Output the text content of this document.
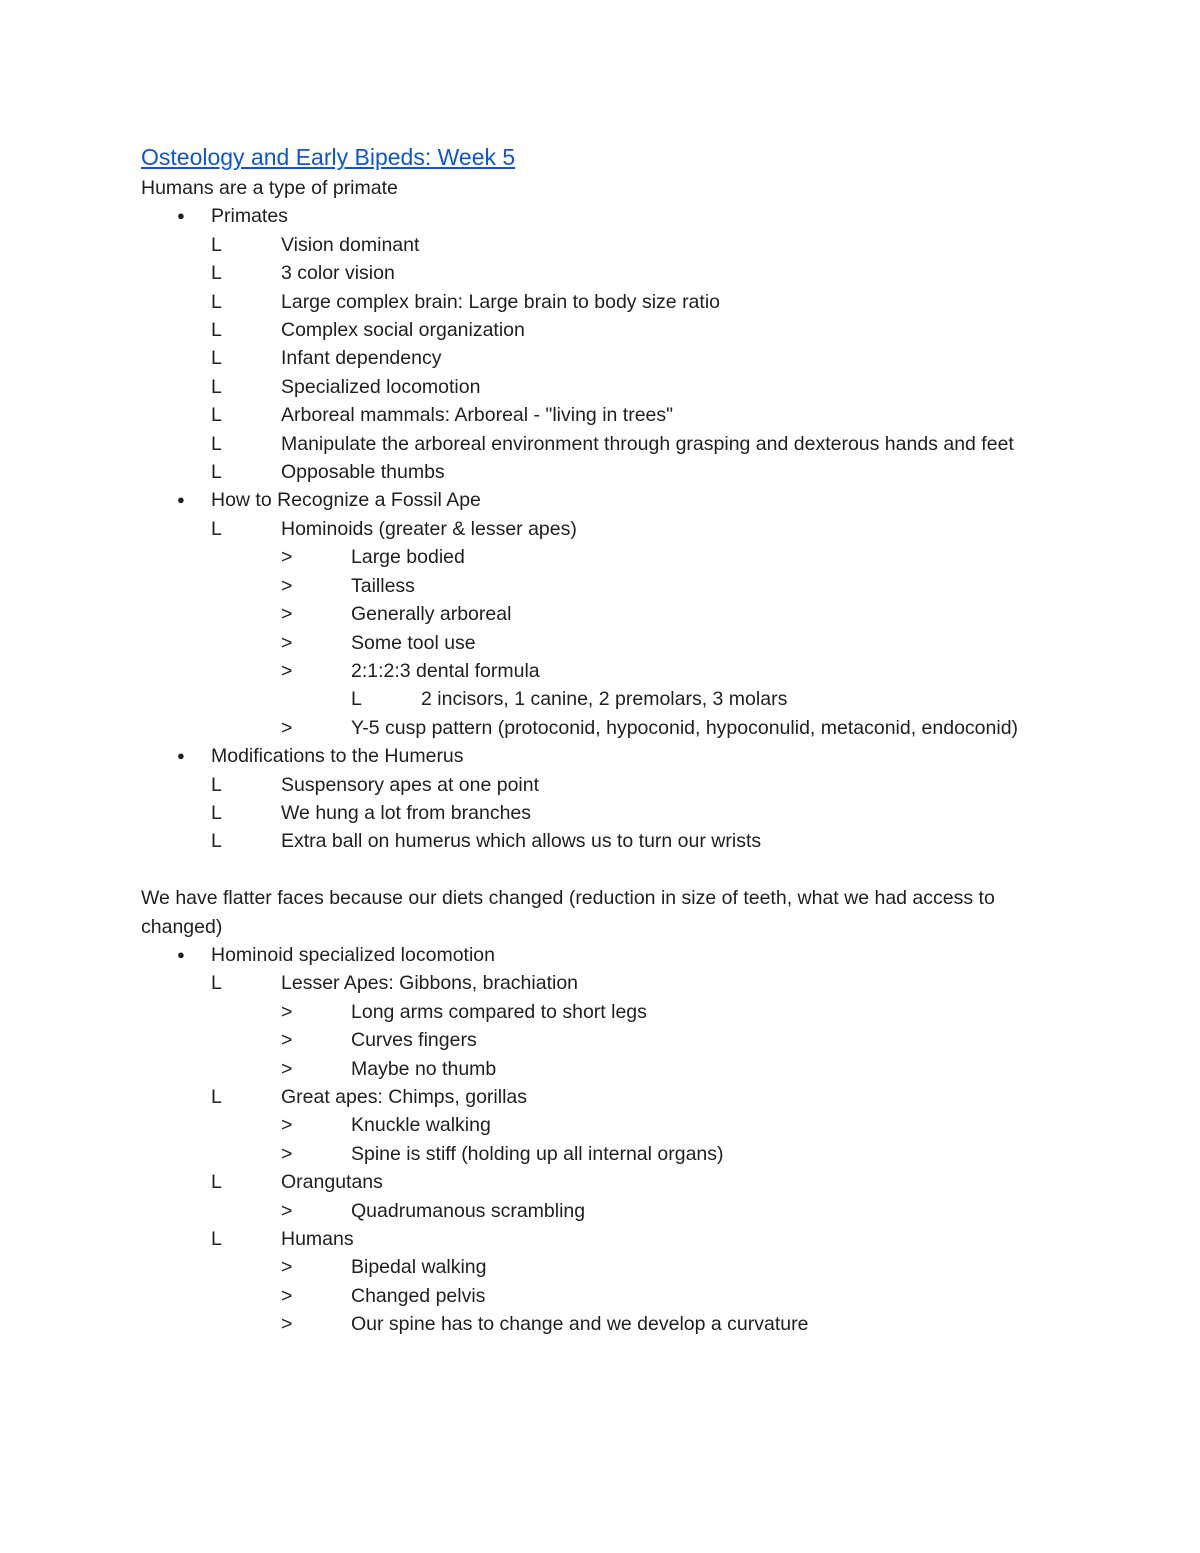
Osteology and Early Bipeds: Week 5

Humans are a type of primate

●	Primates
L	Vision dominant
L	3 color vision
L	Large complex brain: Large brain to body size ratio
L	Complex social organization
L	Infant dependency
L	Specialized locomotion
L	Arboreal mammals: Arboreal - "living in trees"
L	Manipulate the arboreal environment through grasping and dexterous hands and feet
L	Opposable thumbs
●	How to Recognize a Fossil Ape
L	Hominoids (greater & lesser apes)
>	Large bodied
>	Tailless
>	Generally arboreal
>	Some tool use
>	2:1:2:3 dental formula
L	2 incisors, 1 canine, 2 premolars, 3 molars
>	Y-5 cusp pattern (protoconid, hypoconid, hypoconulid, metaconid, endoconid)
●	Modifications to the Humerus
L	Suspensory apes at one point
L	We hung a lot from branches
L	Extra ball on humerus which allows us to turn our wrists

We have flatter faces because our diets changed (reduction in size of teeth, what we had access to changed)

●	Hominoid specialized locomotion
L	Lesser Apes: Gibbons, brachiation
>	Long arms compared to short legs
>	Curves fingers
>	Maybe no thumb
L	Great apes: Chimps, gorillas
>	Knuckle walking
>	Spine is stiff (holding up all internal organs)
L	Orangutans
>	Quadrumanous scrambling
L	Humans
>	Bipedal walking
>	Changed pelvis
>	Our spine has to change and we develop a curvature
